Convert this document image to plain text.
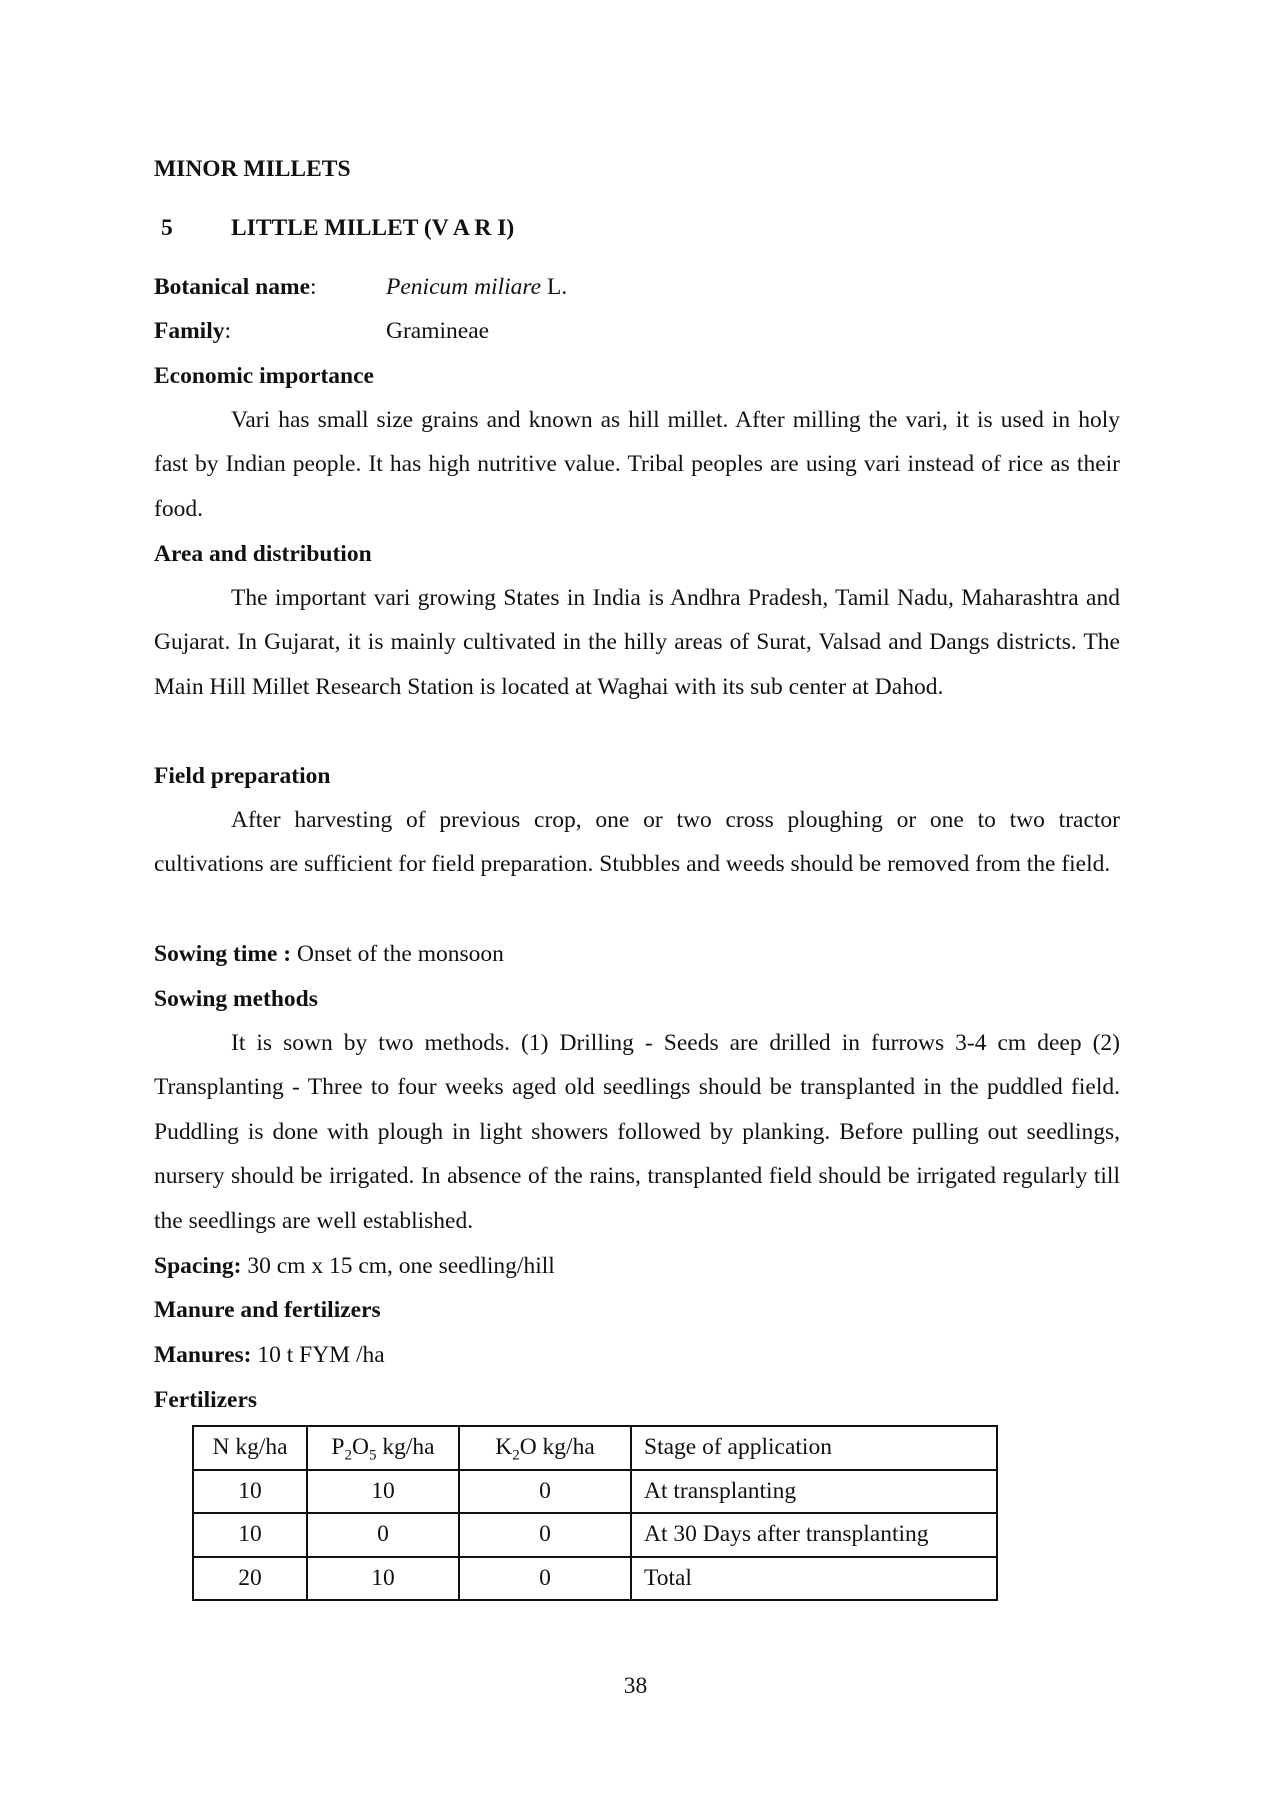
MINOR MILLETS
5 LITTLE MILLET (V A R I)
Botanical name:	Penicum miliare L.
Family:	Gramineae
Economic importance
Vari has small size grains and known as hill millet. After milling the vari, it is used in holy fast by Indian people. It has high nutritive value. Tribal peoples are using vari instead of rice as their food.
Area and distribution
The important vari growing States in India is Andhra Pradesh, Tamil Nadu, Maharashtra and Gujarat. In Gujarat, it is mainly cultivated in the hilly areas of Surat, Valsad and Dangs districts. The Main Hill Millet Research Station is located at Waghai with its sub center at Dahod.
Field preparation
After harvesting of previous crop, one or two cross ploughing or one to two tractor cultivations are sufficient for field preparation. Stubbles and weeds should be removed from the field.
Sowing time : Onset of the monsoon
Sowing methods
It is sown by two methods. (1) Drilling - Seeds are drilled in furrows 3-4 cm deep (2) Transplanting - Three to four weeks aged old seedlings should be transplanted in the puddled field. Puddling is done with plough in light showers followed by planking. Before pulling out seedlings, nursery should be irrigated. In absence of the rains, transplanted field should be irrigated regularly till the seedlings are well established.
Spacing: 30 cm x 15 cm, one seedling/hill
Manure and fertilizers
Manures: 10 t FYM /ha
Fertilizers
N kg/ha	$P_2O_5$ kg/ha	$K_2O$ kg/ha	Stage of application
10	10	0	At transplanting
10	0	0	At 30 Days after transplanting
20	10	0	Total
38
